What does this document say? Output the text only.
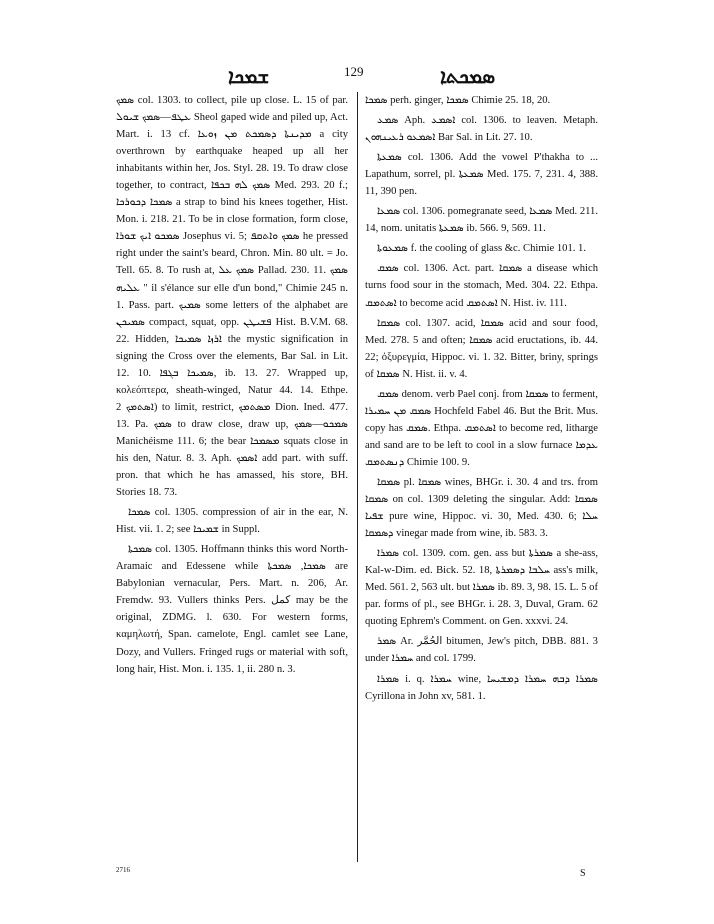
ܫܡܟܐ	129	ܣܡܟܬܐ

ܣܡܟ col. 1303. to collect, pile up close. L. 15 of par. ܥܛܦ—ܣܡܟ ܫܝܘܠ Sheol gaped wide and piled up, Act. Mart. i. 13 cf. ܡܕܝܢܬܐ ܕܣܡܟܬ ܡܢ ܙܘܥܐ a city overthrown by earthquake heaped up all her inhabitants within her, Jos. Styl. 28. 19. To draw close together, to contract, ܣܡܟ ܠܗ ܒܟܦܐ Med. 293. 20 f.; ܣܡܟܐ ܕܟܘܪܟܐ a strap to bind his knees together, Hist. Mon. i. 218. 21. To be in close formation, form close, ܣܡܟܘ ܐܝܟ ܫܘܪܐ Josephus vi. 5; ܣܡܟ ܘܐܬܩܦ he pressed right under the saint's beard, Chron. Min. 80 ult. = Jo. Tell. 65. 8. To rush at, ܣܡܟ ܥܠ Pallad. 230. 11. ܣܡܟ ܥܠܝܗ " il s'élance sur elle d'un bond," Chimie 245 n. 1. Pass. part. ܣܡܝܟ some letters of the alphabet are ܣܡܝܟܢ compact, squat, opp. ܦܫܝܛܢ Hist. B.V.M. 68. 22. Hidden, ܐܪܙܐ ܣܡܝܟܐ the mystic signification in signing the Cross over the elements, Bar Sal. in Lit. 12. 10. ܣܡܝܟܐ ܒܓܦܐ, ib. 13. 27. Wrapped up, κολεόπτερα, sheath-winged, Natur 44. 14. Ethpe. ܐܣܬܡܟ 2) to limit, restrict, ܡܣܬܡܟ Dion. Ined. 477. 13. Pa. ܣܡܟ to draw close, draw up, ܣܡܟܘ—ܣܡܟ Manichéisme 111. 6; the bear ܡܣܡܟܐ squats close in his den, Natur. 8. 3. Aph. ܐܣܡܟ add part. with suff. pron. that which he has amassed, his store, BH. Stories 18. 73.

ܣܡܟܐ col. 1305. compression of air in the ear, N. Hist. vii. 1. 2; see ܫܡܝܟܐ in Suppl.

ܣܡܟܬܐ col. 1305. Hoffmann thinks this word North-Aramaic and Edessene while ܣܡܟܐ, ܣܡܟܬܐ are Babylonian vernacular, Pers. Mart. n. 206, Ar. Fremdw. 93. Vullers thinks Pers. كمل may be the original, ZDMG. l. 630. For western forms, καμηλωτή, Span. camelote, Engl. camlet see Lane, Dozy, and Vullers. Fringed rugs or material with soft, long hair, Hist. Mon. i. 135. 1, ii. 280 n. 3.

ܣܡܟܐ perh. ginger, ܣܡܟܐ Chimie 25. 18, 20.

ܣܡܥ Aph. ܐܣܡܥ col. 1306. to leaven. Metaph. ܐܣܡܥܘ ܪܥܝܢܗܘܢ Bar Sal. in Lit. 27. 10.

ܣܡܥܬܐ col. 1306. Add the vowel P'thakha to ... Lapathum, sorrel, pl. ܣܡܥܬܐ Med. 175. 7, 231. 4, 388. 11, 390 pen.

ܣܡܥܐ col. 1306. pomegranate seed, ܣܡܥܐ Med. 211. 14, nom. unitatis ܣܡܥܬܐ ib. 566. 9, 569. 11.

ܣܡܥܘܬܐ f. the cooling of glass &c. Chimie 101. 1.

ܣܡܩ col. 1306. Act. part. ܣܡܩܐ a disease which turns food sour in the stomach, Med. 304. 22. Ethpa. ܐܣܬܡܩ to become acid ܐܣܬܡܩ N. Hist. iv. 111.

ܣܡܩܐ col. 1307. acid, ܣܡܩܐ acid and sour food, Med. 278. 5 and often; ܣܡܩܐ acid eructations, ib. 44. 22; ὀξυρεγμία, Hippoc. vi. 1. 32. Bitter, briny, springs of ܣܡܩܐ N. Hist. ii. v. 4.

ܣܡܩ denom. verb Pael conj. from ܣܡܩܐ to ferment, ܣܡܩ ܡܢ ܚܡܝܪܐ Hochfeld Fabel 46. But the Brit. Mus. copy has ܣܡܩ. Ethpa. ܐܣܬܡܩ to become red, litharge and sand are to be left to cool in a slow furnace ܥܕܡܐ ܕܢܣܬܡܩ Chimie 100. 9.

ܣܡܩܐ pl. ܣܡܩܐ wines, BHGr. i. 30. 4 and trs. from ܣܡܩܐ on col. 1309 deleting the singular. Add: ܣܡܩܐ ܫܦܝܐ pure wine, Hippoc. vi. 30, Med. 430. 6; ܚܠܐ ܕܣܡܩܐ vinegar made from wine, ib. 583. 3.

ܣܡܪܐ col. 1309. com. gen. ass but ܣܡܪܬܐ a she-ass, Kal-w-Dim. ed. Bick. 52. 18, ܚܠܒܐ ܕܣܡܪܬܐ ass's milk, Med. 561. 2, 563 ult. but ܣܡܪܐ ib. 89. 3, 98. 15. L. 5 of par. forms of pl., see BHGr. i. 28. 3, Duval, Gram. 62 quoting Ephrem's Comment. on Gen. xxxvi. 24.

ܣܡܪ Ar. الحُمَّر bitumen, Jew's pitch, DBB. 881. 3 under ܚܡܪܐ and col. 1799.

ܣܡܪܐ i. q. ܚܡܪܐ wine, ܣܡܪܐ ܕܒܗ ܚܡܪܐ ܕܡܫܝܚܐ Cyrillona in John xv, 581. 1.

2716	S
